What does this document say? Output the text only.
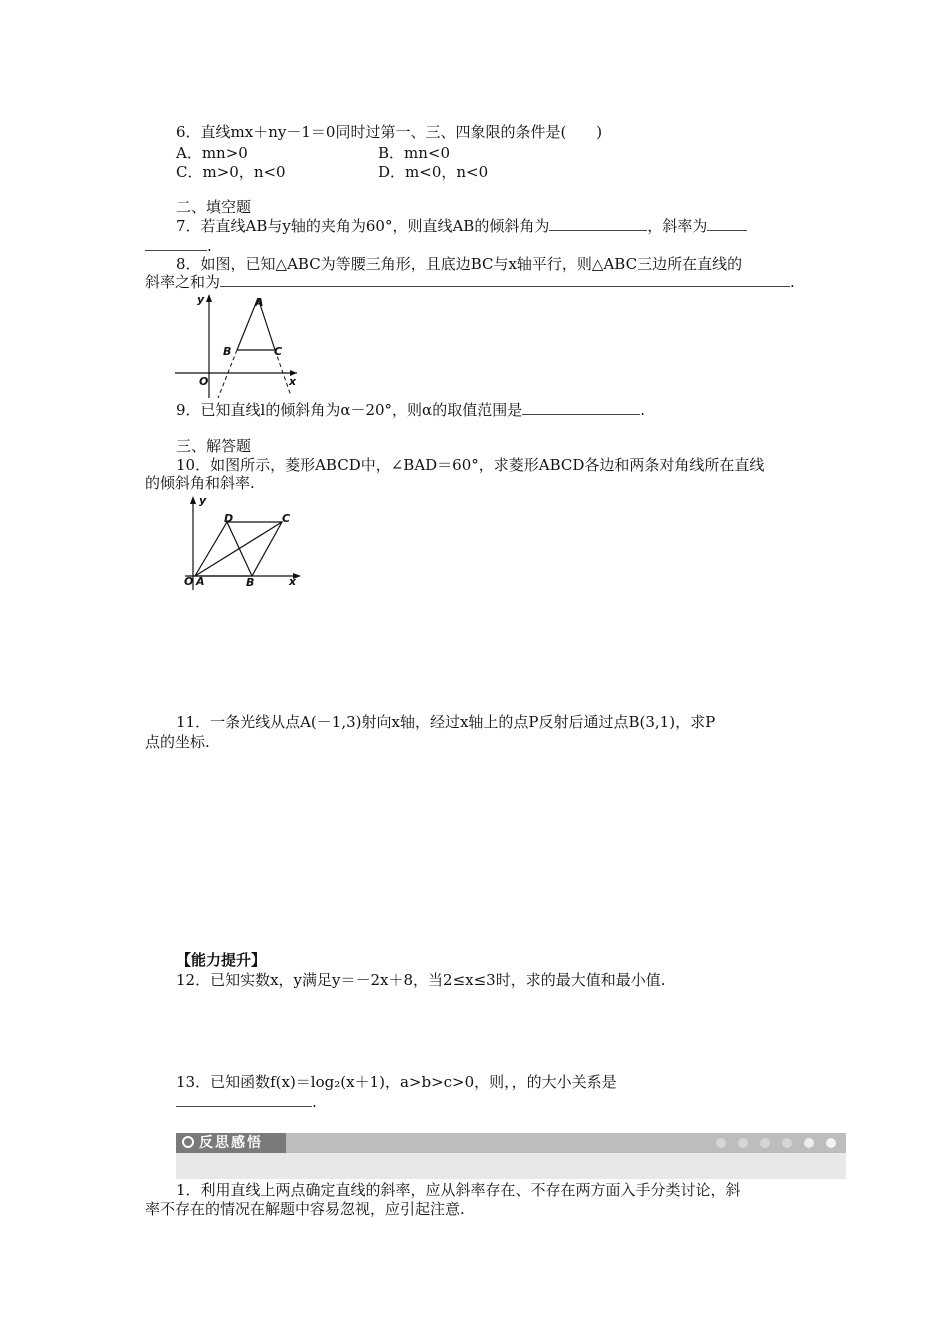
6．直线mx＋ny－1＝0同时过第一、三、四象限的条件是(　　)
A．mn>0	B．mn<0
C．m>0，n<0	D．m<0，n<0
二、填空题
7．若直线AB与y轴的夹角为60°，则直线AB的倾斜角为	，斜率为
.
8．如图，已知△ABC为等腰三角形，且底边BC与x轴平行，则△ABC三边所在直线的
斜率之和为	.
y
x
O
A
B	C
9．已知直线l的倾斜角为α－20°，则α的取值范围是	.
三、解答题
10．如图所示，菱形ABCD中，∠BAD＝60°，求菱形ABCD各边和两条对角线所在直线
的倾斜角和斜率.
y
x
O A	B
C
D
11．一条光线从点A(－1,3)射向x轴，经过x轴上的点P反射后通过点B(3,1)，求P
点的坐标.
【能力提升】
12．已知实数x，y满足y＝－2x＋8，当2≤x≤3时，求的最大值和最小值.
13．已知函数f(x)＝log₂(x＋1)，a>b>c>0，则，，的大小关系是
.
反思感悟
1．利用直线上两点确定直线的斜率，应从斜率存在、不存在两方面入手分类讨论，斜
率不存在的情况在解题中容易忽视，应引起注意.
